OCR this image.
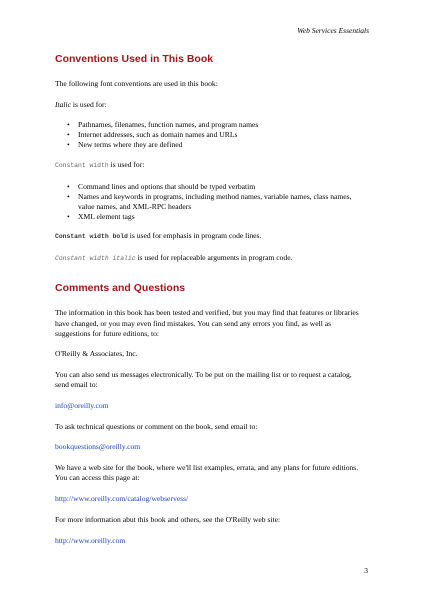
Web Services Essentials
Conventions Used in This Book

The following font conventions are used in this book:

Italic is used for:

• Pathnames, filenames, function names, and program names
• Internet addresses, such as domain names and URLs
• New terms where they are defined

Constant width is used for:

• Command lines and options that should be typed verbatim
• Names and keywords in programs, including method names, variable names, class names, value names, and XML-RPC headers
• XML element tags

Constant width bold is used for emphasis in program code lines.

Constant width italic is used for replaceable arguments in program code.

Comments and Questions

The information in this book has been tested and verified, but you may find that features or libraries have changed, or you may even find mistakes. You can send any errors you find, as well as suggestions for future editions, to:

O'Reilly & Associates, Inc.

You can also send us messages electronically. To be put on the mailing list or to request a catalog, send email to:

info@oreilly.com

To ask technical questions or comment on the book, send email to:

bookquestions@oreilly.com

We have a web site for the book, where we'll list examples, errata, and any plans for future editions. You can access this page at:

http://www.oreilly.com/catalog/webservess/

For more information abut this book and others, see the O'Reilly web site:

http://www.oreilly.com

3
